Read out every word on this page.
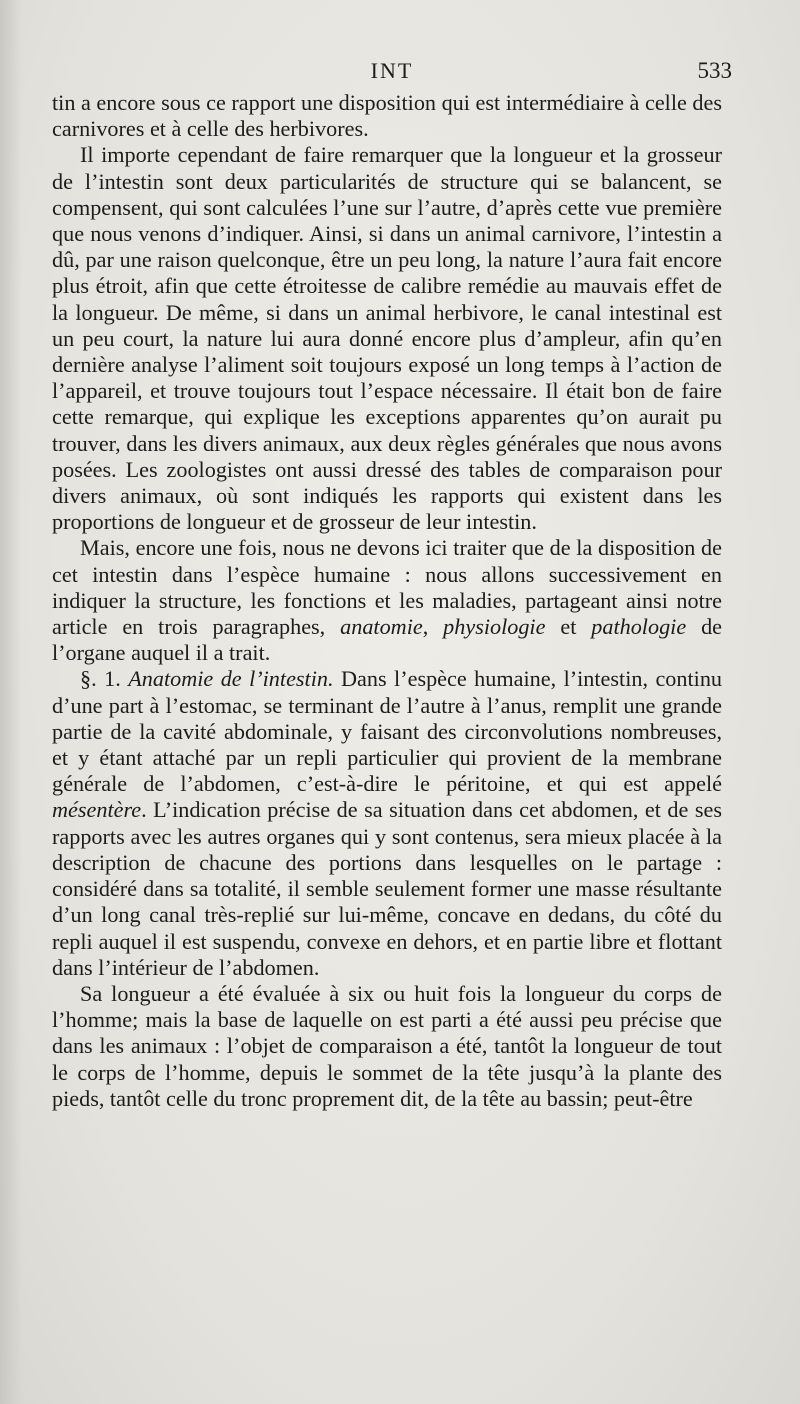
INT	533

tin a encore sous ce rapport une disposition qui est intermédiaire à celle des carnivores et à celle des herbivores.

Il importe cependant de faire remarquer que la longueur et la grosseur de l’intestin sont deux particularités de structure qui se balancent, se compensent, qui sont calculées l’une sur l’autre, d’après cette vue première que nous venons d’indiquer. Ainsi, si dans un animal carnivore, l’intestin a dû, par une raison quelconque, être un peu long, la nature l’aura fait encore plus étroit, afin que cette étroitesse de calibre remédie au mauvais effet de la longueur. De même, si dans un animal herbivore, le canal intestinal est un peu court, la nature lui aura donné encore plus d’ampleur, afin qu’en dernière analyse l’aliment soit toujours exposé un long temps à l’action de l’appareil, et trouve toujours tout l’espace nécessaire. Il était bon de faire cette remarque, qui explique les exceptions apparentes qu’on aurait pu trouver, dans les divers animaux, aux deux règles générales que nous avons posées. Les zoologistes ont aussi dressé des tables de comparaison pour divers animaux, où sont indiqués les rapports qui existent dans les proportions de longueur et de grosseur de leur intestin.

Mais, encore une fois, nous ne devons ici traiter que de la disposition de cet intestin dans l’espèce humaine : nous allons successivement en indiquer la structure, les fonctions et les maladies, partageant ainsi notre article en trois paragraphes, anatomie, physiologie et pathologie de l’organe auquel il a trait.

§. 1. Anatomie de l’intestin. Dans l’espèce humaine, l’intestin, continu d’une part à l’estomac, se terminant de l’autre à l’anus, remplit une grande partie de la cavité abdominale, y faisant des circonvolutions nombreuses, et y étant attaché par un repli particulier qui provient de la membrane générale de l’abdomen, c’est-à-dire le péritoine, et qui est appelé mésentère. L’indication précise de sa situation dans cet abdomen, et de ses rapports avec les autres organes qui y sont contenus, sera mieux placée à la description de chacune des portions dans lesquelles on le partage : considéré dans sa totalité, il semble seulement former une masse résultante d’un long canal très-replié sur lui-même, concave en dedans, du côté du repli auquel il est suspendu, convexe en dehors, et en partie libre et flottant dans l’intérieur de l’abdomen.

Sa longueur a été évaluée à six ou huit fois la longueur du corps de l’homme; mais la base de laquelle on est parti a été aussi peu précise que dans les animaux : l’objet de comparaison a été, tantôt la longueur de tout le corps de l’homme, depuis le sommet de la tête jusqu’à la plante des pieds, tantôt celle du tronc proprement dit, de la tête au bassin; peut-être
